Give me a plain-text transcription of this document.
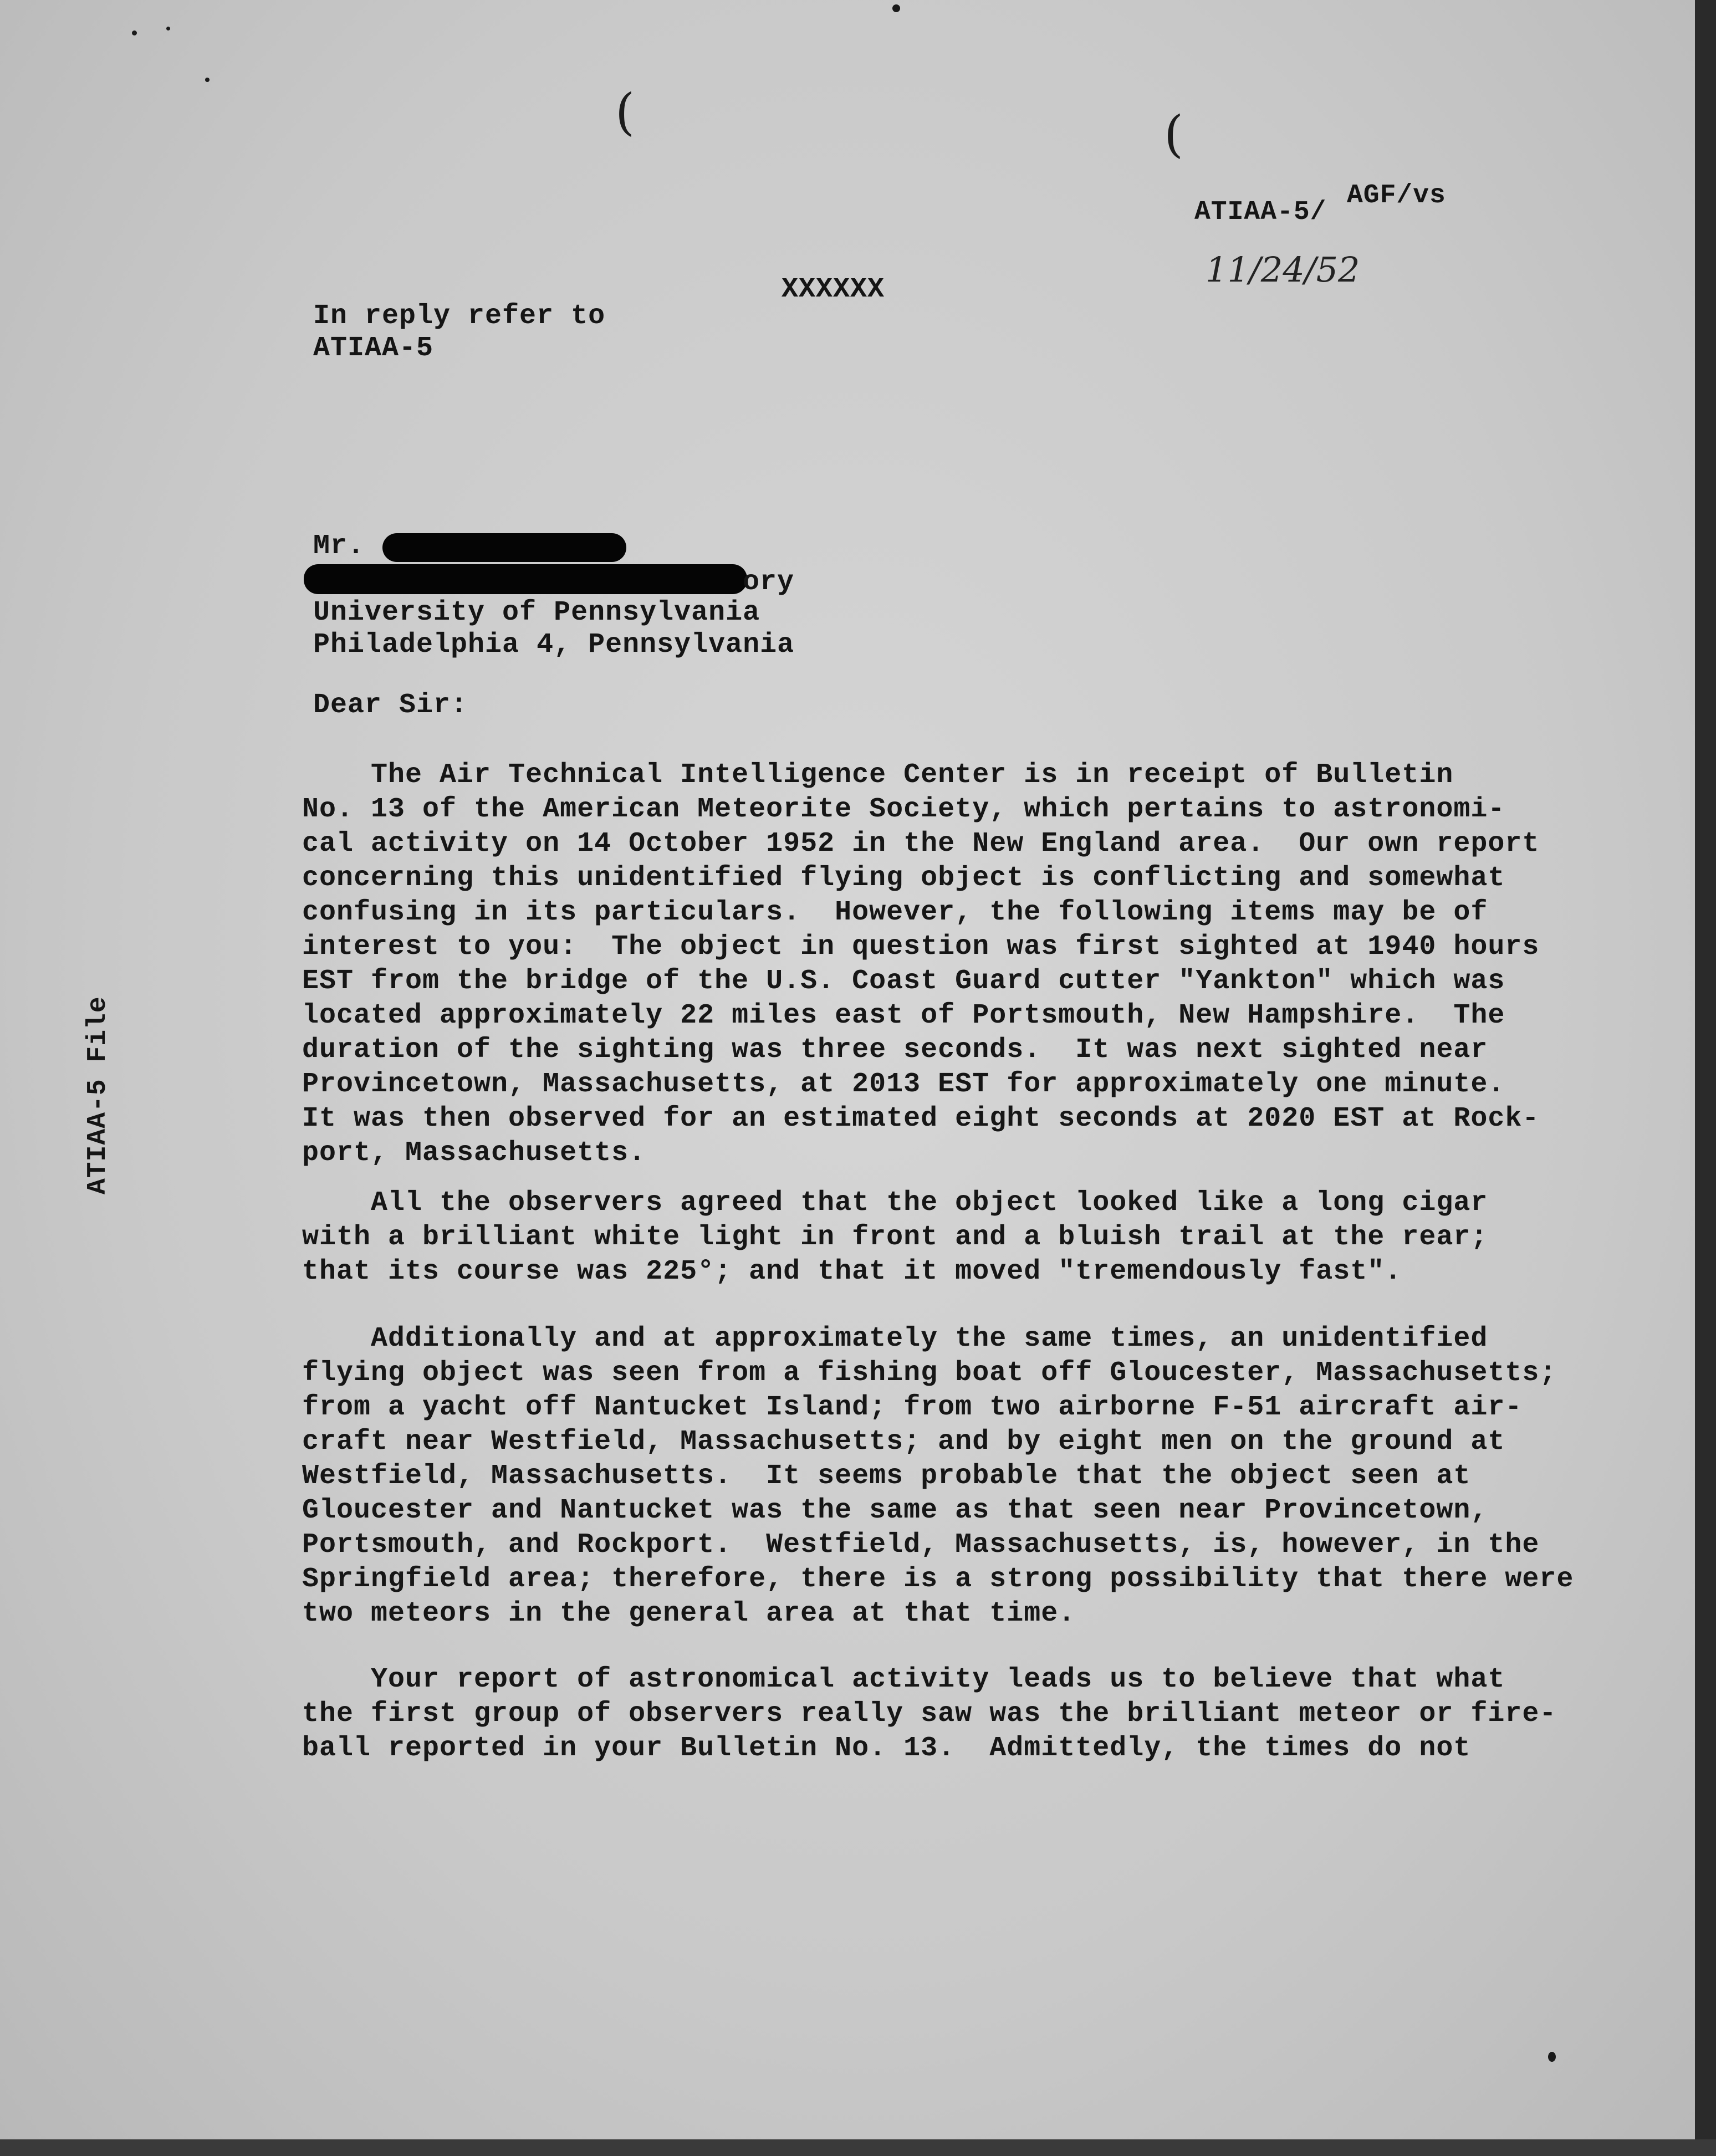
(	(
ATIAA-5/
AGF/vs
11/24/52
XXXXXX
In reply refer to
ATIAA-5
Mr.
ory
University of Pennsylvania
Philadelphia 4, Pennsylvania
Dear Sir:
The Air Technical Intelligence Center is in receipt of Bulletin
No. 13 of the American Meteorite Society, which pertains to astronomi-
cal activity on 14 October 1952 in the New England area.  Our own report
concerning this unidentified flying object is conflicting and somewhat
confusing in its particulars.  However, the following items may be of
interest to you:  The object in question was first sighted at 1940 hours
EST from the bridge of the U.S. Coast Guard cutter "Yankton" which was
located approximately 22 miles east of Portsmouth, New Hampshire.  The
duration of the sighting was three seconds.  It was next sighted near
Provincetown, Massachusetts, at 2013 EST for approximately one minute.
It was then observed for an estimated eight seconds at 2020 EST at Rock-
port, Massachusetts.
All the observers agreed that the object looked like a long cigar
with a brilliant white light in front and a bluish trail at the rear;
that its course was 225°; and that it moved "tremendously fast".
Additionally and at approximately the same times, an unidentified
flying object was seen from a fishing boat off Gloucester, Massachusetts;
from a yacht off Nantucket Island; from two airborne F-51 aircraft air-
craft near Westfield, Massachusetts; and by eight men on the ground at
Westfield, Massachusetts.  It seems probable that the object seen at
Gloucester and Nantucket was the same as that seen near Provincetown,
Portsmouth, and Rockport.  Westfield, Massachusetts, is, however, in the
Springfield area; therefore, there is a strong possibility that there were
two meteors in the general area at that time.
Your report of astronomical activity leads us to believe that what
the first group of observers really saw was the brilliant meteor or fire-
ball reported in your Bulletin No. 13.  Admittedly, the times do not
ATIAA-5 File
